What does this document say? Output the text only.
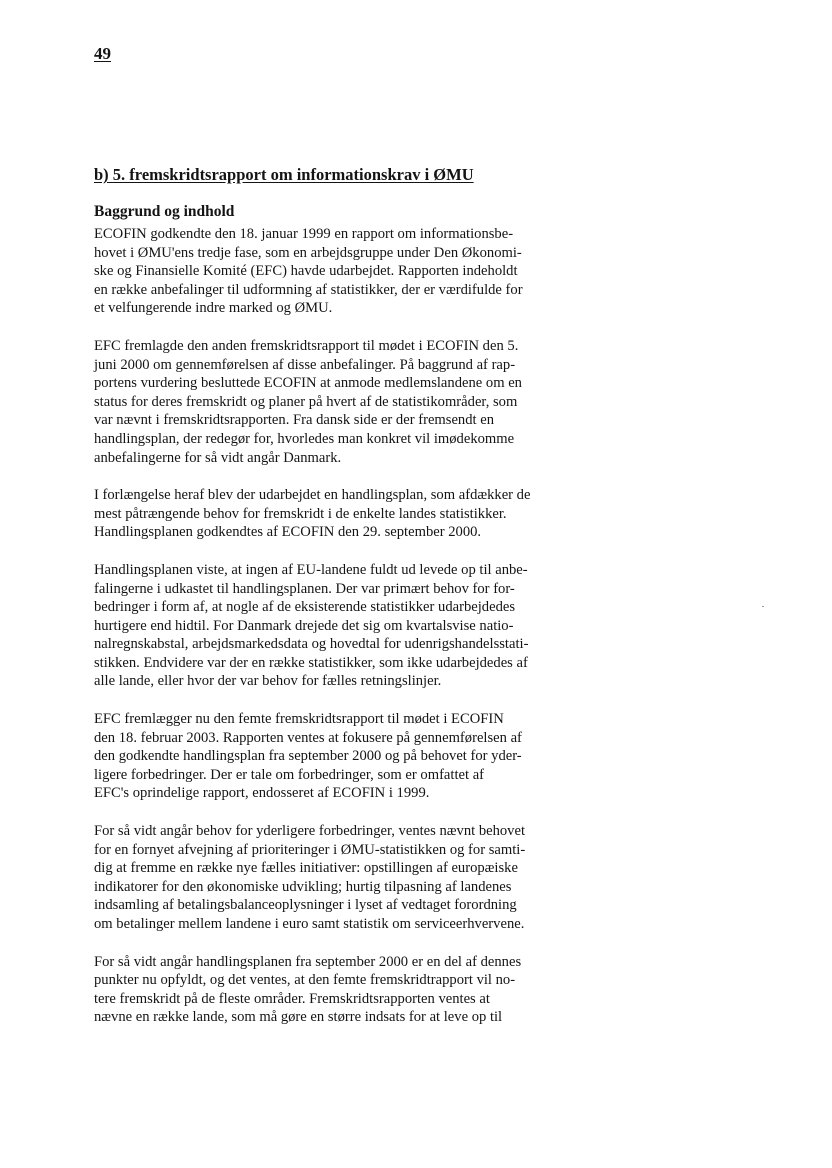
49
b) 5. fremskridtsrapport om informationskrav i ØMU
Baggrund og indhold

ECOFIN godkendte den 18. januar 1999 en rapport om informationsbe-
hovet i ØMU'ens tredje fase, som en arbejdsgruppe under Den Økonomi-
ske og Finansielle Komité (EFC) havde udarbejdet. Rapporten indeholdt
en række anbefalinger til udformning af statistikker, der er værdifulde for
et velfungerende indre marked og ØMU.

EFC fremlagde den anden fremskridtsrapport til mødet i ECOFIN den 5.
juni 2000 om gennemførelsen af disse anbefalinger. På baggrund af rap-
portens vurdering besluttede ECOFIN at anmode medlemslandene om en
status for deres fremskridt og planer på hvert af de statistikområder, som
var nævnt i fremskridtsrapporten. Fra dansk side er der fremsendt en
handlingsplan, der redegør for, hvorledes man konkret vil imødekomme
anbefalingerne for så vidt angår Danmark.

I forlængelse heraf blev der udarbejdet en handlingsplan, som afdækker de
mest påtrængende behov for fremskridt i de enkelte landes statistikker.
Handlingsplanen godkendtes af ECOFIN den 29. september 2000.

Handlingsplanen viste, at ingen af EU-landene fuldt ud levede op til anbe-
falingerne i udkastet til handlingsplanen. Der var primært behov for for-
bedringer i form af, at nogle af de eksisterende statistikker udarbejdedes
hurtigere end hidtil. For Danmark drejede det sig om kvartalsvise natio-
nalregnskabstal, arbejdsmarkedsdata og hovedtal for udenrigshandelsstati-
stikken. Endvidere var der en række statistikker, som ikke udarbejdedes af
alle lande, eller hvor der var behov for fælles retningslinjer.

EFC fremlægger nu den femte fremskridtsrapport til mødet i ECOFIN
den 18. februar 2003. Rapporten ventes at fokusere på gennemførelsen af
den godkendte handlingsplan fra september 2000 og på behovet for yder-
ligere forbedringer. Der er tale om forbedringer, som er omfattet af
EFC's oprindelige rapport, endosseret af ECOFIN i 1999.

For så vidt angår behov for yderligere forbedringer, ventes nævnt behovet
for en fornyet afvejning af prioriteringer i ØMU-statistikken og for samti-
dig at fremme en række nye fælles initiativer: opstillingen af europæiske
indikatorer for den økonomiske udvikling; hurtig tilpasning af landenes
indsamling af betalingsbalanceoplysninger i lyset af vedtaget forordning
om betalinger mellem landene i euro samt statistik om serviceerhvervene.

For så vidt angår handlingsplanen fra september 2000 er en del af dennes
punkter nu opfyldt, og det ventes, at den femte fremskridtrapport vil no-
tere fremskridt på de fleste områder. Fremskridtsrapporten ventes at
nævne en række lande, som må gøre en større indsats for at leve op til
